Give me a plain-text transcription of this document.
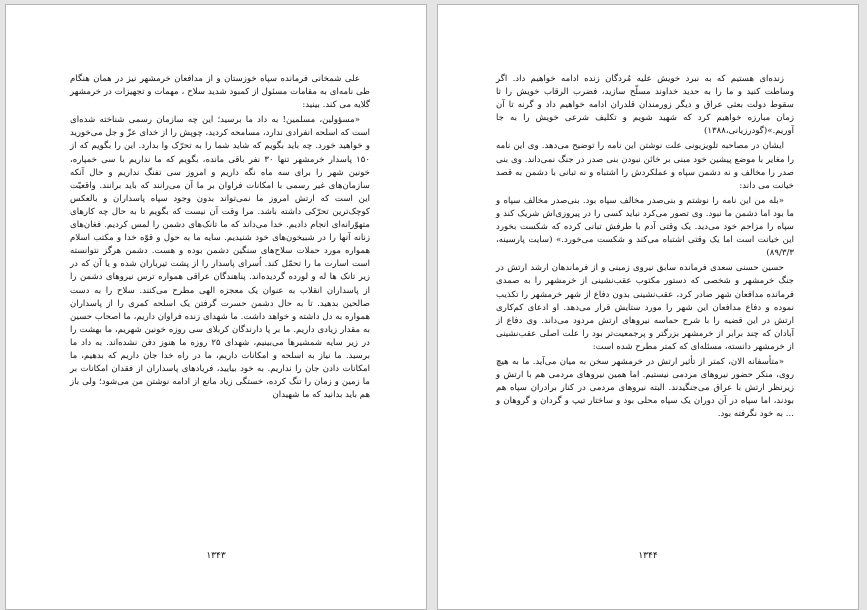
علی شمخانی فرمانده سپاه خوزستان و از مدافعان خرمشهر نیز در همان هنگام طی نامه‌ای به مقامات مسئول از کمبود شدید سلاح ، مهمات و تجهیزات در خرمشهر گلایه می کند. بینید:

«مسؤولین، مسلمین! به داد ما برسید؛ این چه سازمان رسمی شناخته شده‌ای است که اسلحه انفرادی ندارد، مسامحه کردید، چوپش را از خدای عزّ و جل می‌خورید و خواهید خورد. چه باید بگویم که شاید شما را به تحرّک وا بدارد. این را بگویم که از ۱۵۰ پاسدار خرمشهر تنها ۳۰ نفر باقی مانده، بگویم که ما نداریم با سی خمپاره، خونین شهر را برای سه ماه نگه داریم و امروز سی تفنگ نداریم و حال آنکه سازمان‌های غیر رسمی با امکانات فراوان بر ما آن می‌رانند که باید برانند. واقعیّت این است که ارتش امروز ما نمی‌تواند بدون وجود سپاه پاسداران و بالعکس کوچک‌ترین تحرّکی داشته باشد. مرا وقت آن نیست که بگویم تا به حال چه کارهای متهوّرانه‌ای انجام دادیم. خدا می‌داند که ما تانک‌های دشمن را لمس کردیم. فغان‌های زنانه آنها را در شبیخون‌های خود شنیدیم. سایه ما به حول و قوّه خدا و مکتب اسلام همواره مورد حملات سلاح‌های سنگین دشمن بوده و هست. دشمن هرگز نتوانسته است اسارت ما را تحمّل کند. اُسرای پاسدار را از پشت تیرباران شده و یا آن که در زیر تانک ها له و لورده گردیده‌اند. پناهندگان عراقی همواره ترس نیروهای دشمن را از پاسداران انقلاب به عنوان یک معجزه الهی مطرح می‌کنند. سلاح را به دست صالحین بدهید. تا به حال دشمن حسرت گرفتن یک اسلحه کمری را از پاسداران همواره به دل داشته و خواهد داشت. ما شهدای زنده فراوان داریم، ما اصحاب حسین به مقدار زیادی داریم. ما بر پا دارندگان کربلای سی روزه خونین شهریم، ما بهشت را در زیر سایه شمشیرها می‌بینیم، شهدای ۲۵ روزه ما هنوز دفن نشده‌اند. به داد ما برسید. ما نیاز به اسلحه و امکانات داریم، ما در راه خدا جان داریم که بدهیم، ما امکانات دادن جان را نداریم. به خود بیایید، فریادهای پاسداران از فقدان امکانات بر ما زمین و زمان را تنگ کرده، خستگی زیاد مانع از ادامه نوشتن من می‌شود؛ ولی باز هم باید بدانید که ما شهیدان

۱۳۴۳

زنده‌ای هستیم که به نبرد خویش علیه مُردگان زنده ادامه خواهیم داد. اگر وساطت کنید و ما را به حدید خداوند مسلّح سازید، فضرب الرقاب خویش را تا سقوط دولت بعثی عراق و دیگر زورمندان قلدران ادامه خواهیم داد و گرنه تا آن زمان مبارزه خواهیم کرد که شهید شویم و تکلیف شرعی خویش را به جا آوریم.»(گودرزیانی،۱۳۸۸)

ایشان در مصاحبه تلویزیونی علت نوشتن این نامه را توضیح می‌دهد. وی این نامه را مغایر با موضع پیشین خود مبنی بر خائن نبودن بنی صدر در جنگ نمی‌داند. وی بنی صدر را مخالف و نه دشمن سپاه و عملکردش را اشتباه و نه تبانی با دشمن به قصد خیانت می داند:

«بله من این نامه را نوشتم و بنی‌صدر مخالف سپاه بود. بنی‌صدر مخالف سپاه و ما بود اما دشمن ما نبود. وی تصور می‌کرد نباید کسی را در پیروزی‌اش شریک کند و سپاه را مزاحم خود می‌دید. یک وقتی آدم با طرفش تبانی کرده که شکست بخورد این خیانت است اما یک وقتی اشتباه می‌کند و شکست می‌خورد.» (سایت پارسینه، ۸۹/۳/۳)

حسین حسنی سعدی فرمانده سابق نیروی زمینی و از فرماندهان ارشد ارتش در جنگ خرمشهر و شخصی که دستور مکتوب عقب‌نشینی از خرمشهر را به صمدی فرمانده مدافعان شهر صادر کرد، عقب‌نشینی بدون دفاع از شهر خرمشهر را تکذیب نموده و دفاع مدافعان این شهر را مورد ستایش قرار می‌دهد. او ادعای کم‌کاری ارتش در این قضیه را با شرح حماسه نیروهای ارتش مردود می‌داند. وی دفاع از آبادان که چند برابر از خرمشهر بزرگتر و پرجمعیت‌تر بود را علت اصلی عقب‌نشینی از خرمشهر دانسته، مسئله‌ای که کمتر مطرح شده است:

«متأسفانه الان، کمتر از تأثیر ارتش در خرمشهر سخن به میان می‌آید. ما به هیچ روی، منکر حضور نیروهای مردمی نیستیم. اما همین نیروهای مردمی هم با ارتش و زیرنظر ارتش با عراق می‌جنگیدند. البته نیروهای مردمی در کنار برادران سپاه هم بودند، اما سپاه در آن دوران یک سپاه محلی بود و ساختار تیپ و گردان و گروهان و ... به خود نگرفته بود.

۱۳۴۴
